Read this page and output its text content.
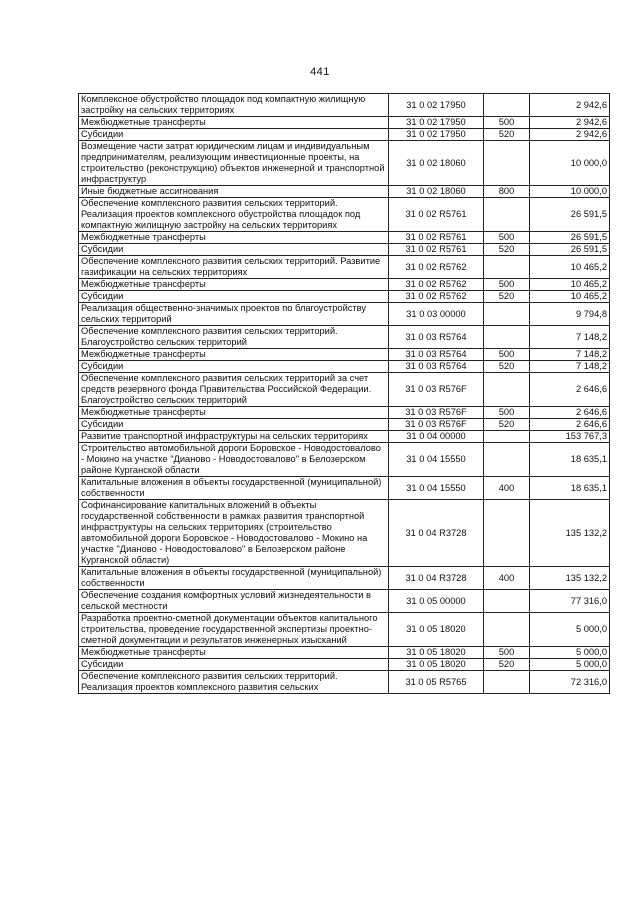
441
Комплексное обустройство площадок под компактную жилищную застройку на сельских территориях	31 0 02 17950		2 942,6
Межбюджетные трансферты	31 0 02 17950	500	2 942,6
Субсидии	31 0 02 17950	520	2 942,6
Возмещение части затрат юридическим лицам и индивидуальным предпринимателям, реализующим инвестиционные проекты, на строительство (реконструкцию) объектов инженерной и транспортной инфраструктур	31 0 02 18060		10 000,0
Иные бюджетные ассигнования	31 0 02 18060	800	10 000,0
Обеспечение комплексного развития сельских территорий. Реализация проектов комплексного обустройства площадок под компактную жилищную застройку на сельских территориях	31 0 02 R5761		26 591,5
Межбюджетные трансферты	31 0 02 R5761	500	26 591,5
Субсидии	31 0 02 R5761	520	26 591,5
Обеспечение комплексного развития сельских территорий. Развитие газификации на сельских территориях	31 0 02 R5762		10 465,2
Межбюджетные трансферты	31 0 02 R5762	500	10 465,2
Субсидии	31 0 02 R5762	520	10 465,2
Реализация общественно-значимых проектов по благоустройству сельских территорий	31 0 03 00000		9 794,8
Обеспечение комплексного развития сельских территорий. Благоустройство сельских территорий	31 0 03 R5764		7 148,2
Межбюджетные трансферты	31 0 03 R5764	500	7 148,2
Субсидии	31 0 03 R5764	520	7 148,2
Обеспечение комплексного развития сельских территорий за счет средств резервного фонда Правительства Российской Федерации. Благоустройство сельских территорий	31 0 03 R576F		2 646,6
Межбюджетные трансферты	31 0 03 R576F	500	2 646,6
Субсидии	31 0 03 R576F	520	2 646,6
Развитие транспортной инфраструктуры на сельских территориях	31 0 04 00000		153 767,3
Строительство автомобильной дороги Боровское - Новодостовалово - Мокино на участке "Дианово - Новодостовалово" в Белозерском районе Курганской области	31 0 04 15550		18 635,1
Капитальные вложения в объекты государственной (муниципальной) собственности	31 0 04 15550	400	18 635,1
Софинансирование капитальных вложений в объекты государственной собственности в рамках развития транспортной инфраструктуры на сельских территориях (строительство автомобильной дороги Боровское - Новодостовалово - Мокино на участке "Дианово - Новодостовалово" в Белозерском районе Курганской области)	31 0 04 R3728		135 132,2
Капитальные вложения в объекты государственной (муниципальной) собственности	31 0 04 R3728	400	135 132,2
Обеспечение создания комфортных условий жизнедеятельности в сельской местности	31 0 05 00000		77 316,0
Разработка проектно-сметной документации объектов капитального строительства, проведение государственной экспертизы проектно-сметной документации и результатов инженерных изысканий	31 0 05 18020		5 000,0
Межбюджетные трансферты	31 0 05 18020	500	5 000,0
Субсидии	31 0 05 18020	520	5 000,0
Обеспечение комплексного развития сельских территорий. Реализация проектов комплексного развития сельских	31 0 05 R5765		72 316,0
